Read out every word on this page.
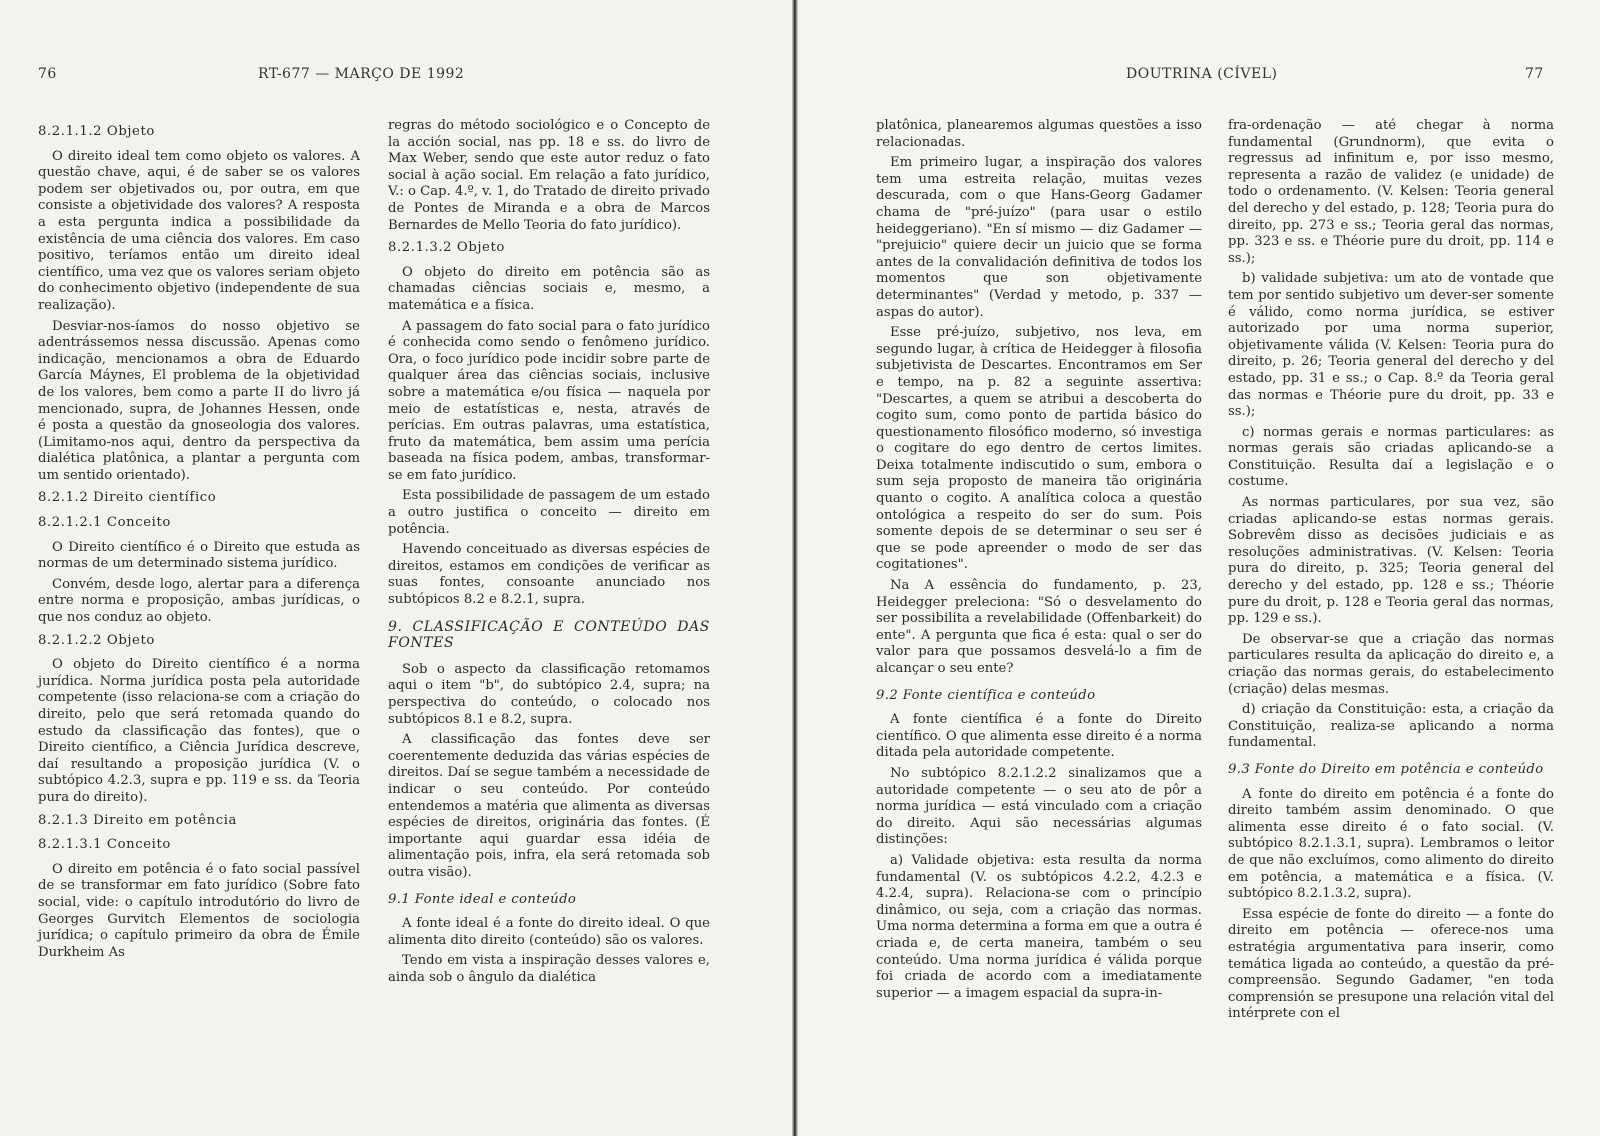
76	RT-677 — MARÇO DE 1992

8.2.1.1.2 Objeto

O direito ideal tem como objeto os valores. A questão chave, aqui, é de saber se os valores podem ser objetivados ou, por outra, em que consiste a objetividade dos valores? A resposta a esta pergunta indica a possibilidade da existência de uma ciência dos valores. Em caso positivo, teríamos então um direito ideal científico, uma vez que os valores seriam objeto do conhecimento objetivo (independente de sua realização).

Desviar-nos-íamos do nosso objetivo se adentrássemos nessa discussão. Apenas como indicação, mencionamos a obra de Eduardo García Máynes, El problema de la objetividad de los valores, bem como a parte II do livro já mencionado, supra, de Johannes Hessen, onde é posta a questão da gnoseologia dos valores. (Limitamo-nos aqui, dentro da perspectiva da dialética platônica, a plantar a pergunta com um sentido orientado).

8.2.1.2 Direito científico

8.2.1.2.1 Conceito

O Direito científico é o Direito que estuda as normas de um determinado sistema jurídico.

Convém, desde logo, alertar para a diferença entre norma e proposição, ambas jurídicas, o que nos conduz ao objeto.

8.2.1.2.2 Objeto

O objeto do Direito científico é a norma jurídica. Norma jurídica posta pela autoridade competente (isso relaciona-se com a criação do direito, pelo que será retomada quando do estudo da classificação das fontes), que o Direito científico, a Ciência Jurídica descreve, daí resultando a proposição jurídica (V. o subtópico 4.2.3, supra e pp. 119 e ss. da Teoria pura do direito).

8.2.1.3 Direito em potência

8.2.1.3.1 Conceito

O direito em potência é o fato social passível de se transformar em fato jurídico (Sobre fato social, vide: o capítulo introdutório do livro de Georges Gurvitch Elementos de sociologia jurídica; o capítulo primeiro da obra de Émile Durkheim As

regras do método sociológico e o Concepto de la acción social, nas pp. 18 e ss. do livro de Max Weber, sendo que este autor reduz o fato social à ação social. Em relação a fato jurídico, V.: o Cap. 4.º, v. 1, do Tratado de direito privado de Pontes de Miranda e a obra de Marcos Bernardes de Mello Teoria do fato jurídico).

8.2.1.3.2 Objeto

O objeto do direito em potência são as chamadas ciências sociais e, mesmo, a matemática e a física.

A passagem do fato social para o fato jurídico é conhecida como sendo o fenômeno jurídico. Ora, o foco jurídico pode incidir sobre parte de qualquer área das ciências sociais, inclusive sobre a matemática e/ou física — naquela por meio de estatísticas e, nesta, através de perícias. Em outras palavras, uma estatística, fruto da matemática, bem assim uma perícia baseada na física podem, ambas, transformar-se em fato jurídico.

Esta possibilidade de passagem de um estado a outro justifica o conceito — direito em potência.

Havendo conceituado as diversas espécies de direitos, estamos em condições de verificar as suas fontes, consoante anunciado nos subtópicos 8.2 e 8.2.1, supra.

9. CLASSIFICAÇÃO E CONTEÚDO DAS FONTES

Sob o aspecto da classificação retomamos aqui o item "b", do subtópico 2.4, supra; na perspectiva do conteúdo, o colocado nos subtópicos 8.1 e 8.2, supra.

A classificação das fontes deve ser coerentemente deduzida das várias espécies de direitos. Daí se segue também a necessidade de indicar o seu conteúdo. Por conteúdo entendemos a matéria que alimenta as diversas espécies de direitos, originária das fontes. (É importante aqui guardar essa idéia de alimentação pois, infra, ela será retomada sob outra visão).

9.1 Fonte ideal e conteúdo

A fonte ideal é a fonte do direito ideal. O que alimenta dito direito (conteúdo) são os valores.

Tendo em vista a inspiração desses valores e, ainda sob o ângulo da dialética

DOUTRINA (CÍVEL)	77

platônica, planearemos algumas questões a isso relacionadas.

Em primeiro lugar, a inspiração dos valores tem uma estreita relação, muitas vezes descurada, com o que Hans-Georg Gadamer chama de "pré-juízo" (para usar o estilo heideggeriano). "En sí mismo — diz Gadamer — "prejuicio" quiere decir un juicio que se forma antes de la convalidación definitiva de todos los momentos que son objetivamente determinantes" (Verdad y metodo, p. 337 — aspas do autor).

Esse pré-juízo, subjetivo, nos leva, em segundo lugar, à crítica de Heidegger à filosofia subjetivista de Descartes. Encontramos em Ser e tempo, na p. 82 a seguinte assertiva: "Descartes, a quem se atribui a descoberta do cogito sum, como ponto de partida básico do questionamento filosófico moderno, só investiga o cogitare do ego dentro de certos limites. Deixa totalmente indiscutido o sum, embora o sum seja proposto de maneira tão originária quanto o cogito. A analítica coloca a questão ontológica a respeito do ser do sum. Pois somente depois de se determinar o seu ser é que se pode apreender o modo de ser das cogitationes".

Na A essência do fundamento, p. 23, Heidegger preleciona: "Só o desvelamento do ser possibilita a revelabilidade (Offenbarkeit) do ente". A pergunta que fica é esta: qual o ser do valor para que possamos desvelá-lo a fim de alcançar o seu ente?

9.2 Fonte científica e conteúdo

A fonte científica é a fonte do Direito científico. O que alimenta esse direito é a norma ditada pela autoridade competente.

No subtópico 8.2.1.2.2 sinalizamos que a autoridade competente — o seu ato de pôr a norma jurídica — está vinculado com a criação do direito. Aqui são necessárias algumas distinções:

a) Validade objetiva: esta resulta da norma fundamental (V. os subtópicos 4.2.2, 4.2.3 e 4.2.4, supra). Relaciona-se com o princípio dinâmico, ou seja, com a criação das normas. Uma norma determina a forma em que a outra é criada e, de certa maneira, também o seu conteúdo. Uma norma jurídica é válida porque foi criada de acordo com a imediatamente superior — a imagem espacial da supra-in-

fra-ordenação — até chegar à norma fundamental (Grundnorm), que evita o regressus ad infinitum e, por isso mesmo, representa a razão de validez (e unidade) de todo o ordenamento. (V. Kelsen: Teoria general del derecho y del estado, p. 128; Teoria pura do direito, pp. 273 e ss.; Teoria geral das normas, pp. 323 e ss. e Théorie pure du droit, pp. 114 e ss.);

b) validade subjetiva: um ato de vontade que tem por sentido subjetivo um dever-ser somente é válido, como norma jurídica, se estiver autorizado por uma norma superior, objetivamente válida (V. Kelsen: Teoria pura do direito, p. 26; Teoria general del derecho y del estado, pp. 31 e ss.; o Cap. 8.º da Teoria geral das normas e Théorie pure du droit, pp. 33 e ss.);

c) normas gerais e normas particulares: as normas gerais são criadas aplicando-se a Constituição. Resulta daí a legislação e o costume.

As normas particulares, por sua vez, são criadas aplicando-se estas normas gerais. Sobrevêm disso as decisões judiciais e as resoluções administrativas. (V. Kelsen: Teoria pura do direito, p. 325; Teoria general del derecho y del estado, pp. 128 e ss.; Théorie pure du droit, p. 128 e Teoria geral das normas, pp. 129 e ss.).

De observar-se que a criação das normas particulares resulta da aplicação do direito e, a criação das normas gerais, do estabelecimento (criação) delas mesmas.

d) criação da Constituição: esta, a criação da Constituição, realiza-se aplicando a norma fundamental.

9.3 Fonte do Direito em potência e conteúdo

A fonte do direito em potência é a fonte do direito também assim denominado. O que alimenta esse direito é o fato social. (V. subtópico 8.2.1.3.1, supra). Lembramos o leitor de que não excluímos, como alimento do direito em potência, a matemática e a física. (V. subtópico 8.2.1.3.2, supra).

Essa espécie de fonte do direito — a fonte do direito em potência — oferece-nos uma estratégia argumentativa para inserir, como temática ligada ao conteúdo, a questão da pré-compreensão. Segundo Gadamer, "en toda comprensión se presupone una relación vital del intérprete con el
